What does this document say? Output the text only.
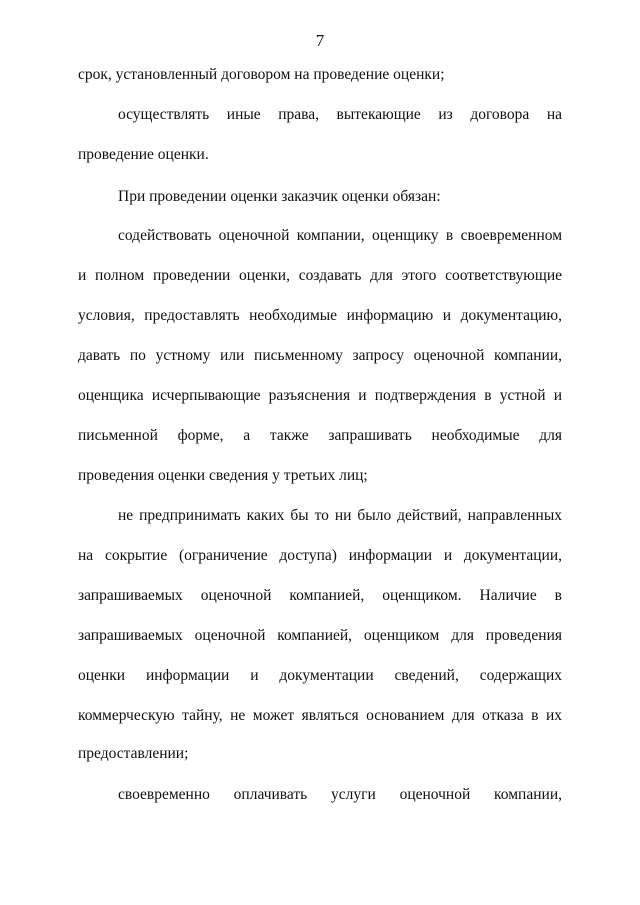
7
срок, установленный договором на проведение оценки;
осуществлять иные права, вытекающие из договора на
проведение оценки.
При проведении оценки заказчик оценки обязан:
содействовать оценочной компании, оценщику в своевременном
и полном проведении оценки, создавать для этого соответствующие
условия, предоставлять необходимые информацию и документацию,
давать по устному или письменному запросу оценочной компании,
оценщика исчерпывающие разъяснения и подтверждения в устной и
письменной форме, а также запрашивать необходимые для
проведения оценки сведения у третьих лиц;
не предпринимать каких бы то ни было действий, направленных
на сокрытие (ограничение доступа) информации и документации,
запрашиваемых оценочной компанией, оценщиком. Наличие в
запрашиваемых оценочной компанией, оценщиком для проведения
оценки информации и документации сведений, содержащих
коммерческую тайну, не может являться основанием для отказа в их
предоставлении;
своевременно оплачивать услуги оценочной компании,
